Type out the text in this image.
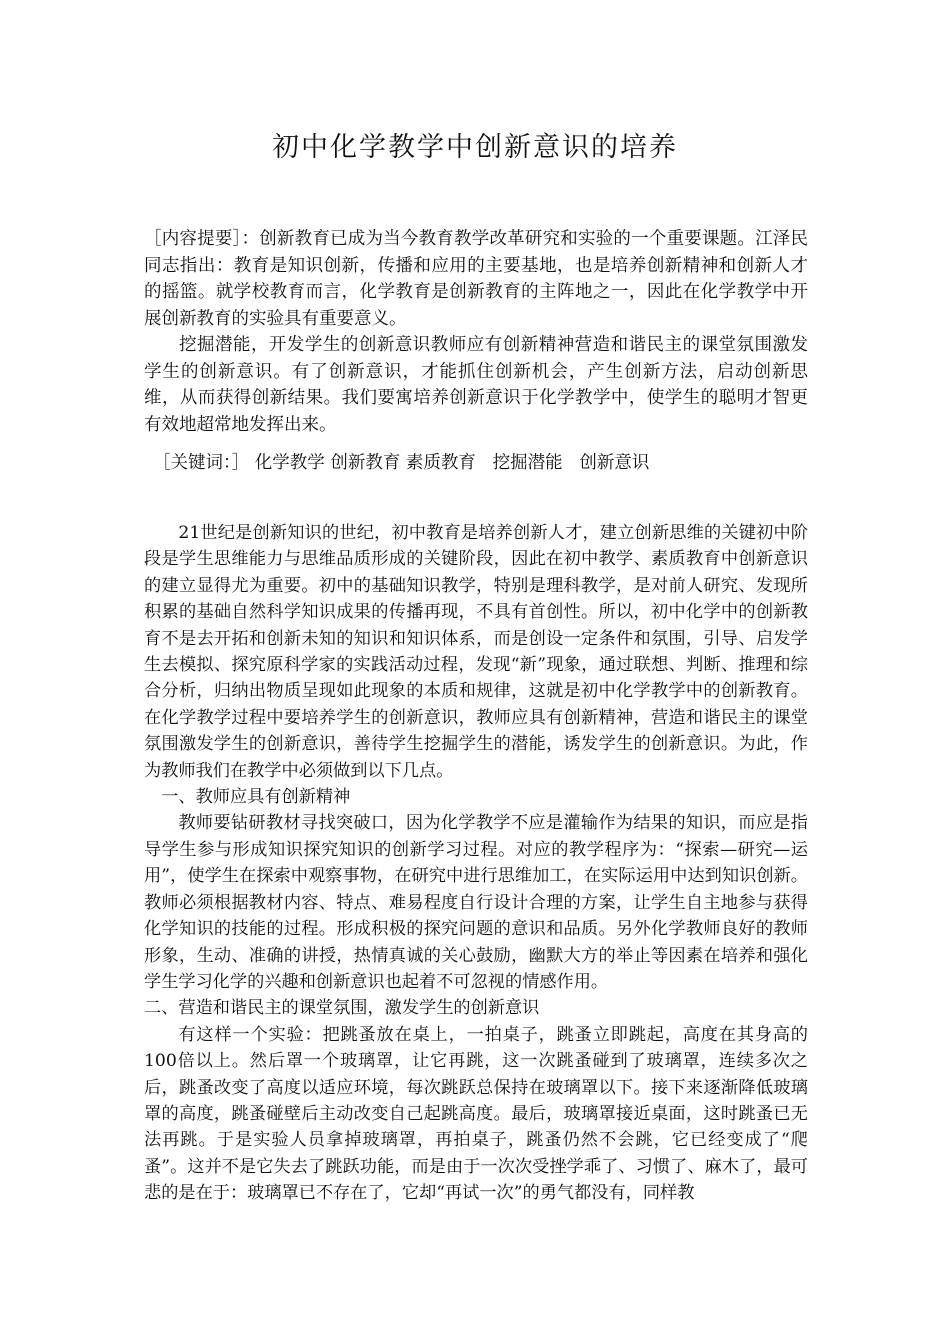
初中化学教学中创新意识的培养

［内容提要］：创新教育已成为当今教育教学改革研究和实验的一个重要课题。江泽民同志指出：教育是知识创新，传播和应用的主要基地，也是培养创新精神和创新人才的摇篮。就学校教育而言，化学教育是创新教育的主阵地之一，因此在化学教学中开展创新教育的实验具有重要意义。

挖掘潜能，开发学生的创新意识教师应有创新精神营造和谐民主的课堂氛围激发学生的创新意识。有了创新意识，才能抓住创新机会，产生创新方法，启动创新思维，从而获得创新结果。我们要寓培养创新意识于化学教学中，使学生的聪明才智更有效地超常地发挥出来。

［关键词：］ 化学教学 创新教育 素质教育   挖掘潜能   创新意识

21世纪是创新知识的世纪，初中教育是培养创新人才，建立创新思维的关键初中阶段是学生思维能力与思维品质形成的关键阶段，因此在初中教学、素质教育中创新意识的建立显得尤为重要。初中的基础知识教学，特别是理科教学，是对前人研究、发现所积累的基础自然科学知识成果的传播再现，不具有首创性。所以，初中化学中的创新教育不是去开拓和创新未知的知识和知识体系，而是创设一定条件和氛围，引导、启发学生去模拟、探究原科学家的实践活动过程，发现“新”现象，通过联想、判断、推理和综合分析，归纳出物质呈现如此现象的本质和规律，这就是初中化学教学中的创新教育。在化学教学过程中要培养学生的创新意识，教师应具有创新精神，营造和谐民主的课堂氛围激发学生的创新意识，善待学生挖掘学生的潜能，诱发学生的创新意识。为此，作为教师我们在教学中必须做到以下几点。

一、教师应具有创新精神

教师要钻研教材寻找突破口，因为化学教学不应是灌输作为结果的知识，而应是指导学生参与形成知识探究知识的创新学习过程。对应的教学程序为：“探索—研究—运用”，使学生在探索中观察事物，在研究中进行思维加工，在实际运用中达到知识创新。教师必须根据教材内容、特点、难易程度自行设计合理的方案，让学生自主地参与获得化学知识的技能的过程。形成积极的探究问题的意识和品质。另外化学教师良好的教师形象，生动、准确的讲授，热情真诚的关心鼓励，幽默大方的举止等因素在培养和强化学生学习化学的兴趣和创新意识也起着不可忽视的情感作用。

二、营造和谐民主的课堂氛围，激发学生的创新意识

有这样一个实验：把跳蚤放在桌上，一拍桌子，跳蚤立即跳起，高度在其身高的100倍以上。然后罩一个玻璃罩，让它再跳，这一次跳蚤碰到了玻璃罩，连续多次之后，跳蚤改变了高度以适应环境，每次跳跃总保持在玻璃罩以下。接下来逐渐降低玻璃罩的高度，跳蚤碰壁后主动改变自己起跳高度。最后，玻璃罩接近桌面，这时跳蚤已无法再跳。于是实验人员拿掉玻璃罩，再拍桌子，跳蚤仍然不会跳，它已经变成了“爬蚤”。这并不是它失去了跳跃功能，而是由于一次次受挫学乖了、习惯了、麻木了，最可悲的是在于：玻璃罩已不存在了，它却“再试一次”的勇气都没有，同样教
